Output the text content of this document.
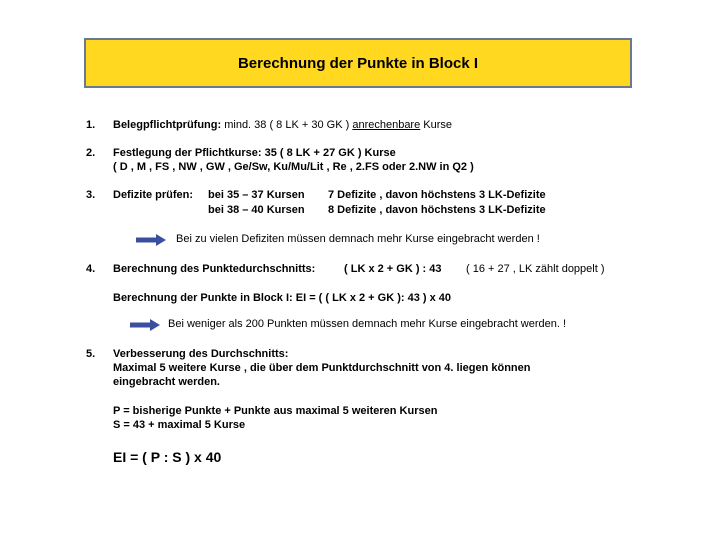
Berechnung der Punkte in Block I
1. Belegpflichtprüfung: mind. 38 ( 8 LK + 30 GK ) anrechenbare Kurse
2. Festlegung der Pflichtkurse: 35 ( 8 LK + 27 GK ) Kurse
( D , M , FS , NW , GW , Ge/Sw, Ku/Mu/Lit , Re , 2.FS oder 2.NW in Q2 )
3. Defizite prüfen: bei 35 – 37 Kursen 7 Defizite , davon höchstens 3 LK-Defizite
bei 38 – 40 Kursen 8 Defizite , davon höchstens 3 LK-Defizite
Bei zu vielen Defiziten müssen demnach mehr Kurse eingebracht werden !
4. Berechnung des Punktedurchschnitts:	( LK x 2 + GK ) : 43 ( 16 + 27 , LK zählt doppelt )
Berechnung der Punkte in Block I: EI = ( ( LK x 2 + GK ): 43 ) x 40
Bei weniger als 200 Punkten müssen demnach mehr Kurse eingebracht werden. !
5. Verbesserung des Durchschnitts:
Maximal 5 weitere Kurse , die über dem Punktdurchschnitt von 4. liegen können
eingebracht werden.
P = bisherige Punkte + Punkte aus maximal 5 weiteren Kursen
S = 43 + maximal 5 Kurse
EI = ( P : S ) x 40
